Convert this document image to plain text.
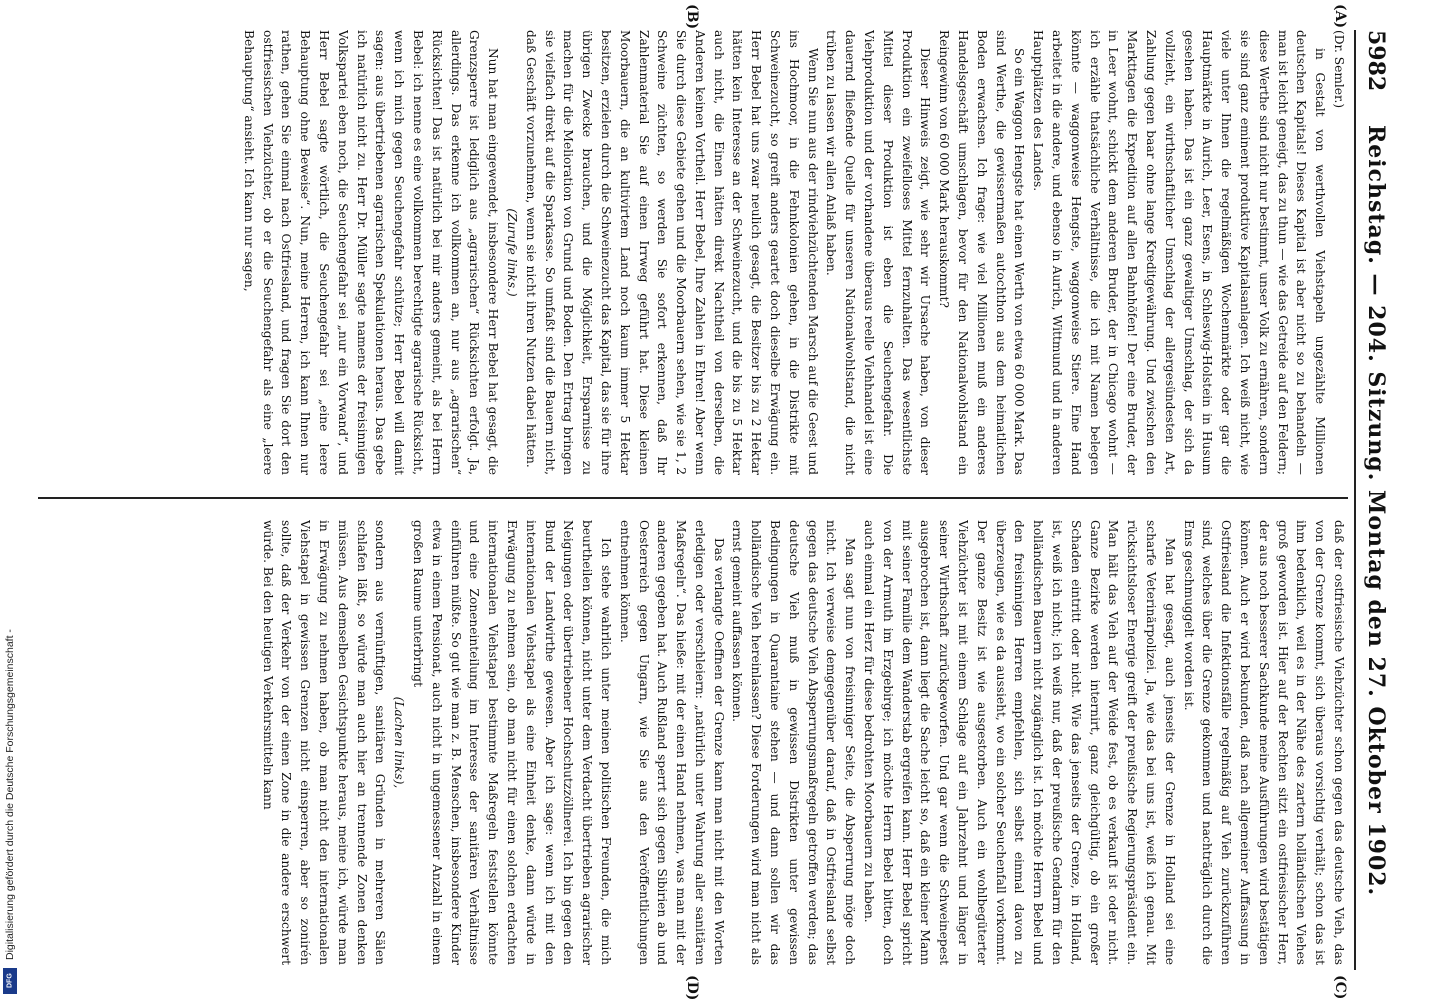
5982
Reichstag. — 204. Sitzung. Montag den 27. Oktober 1902.
(A)
(B)
(C)
(D)

(Dr. Semler.)

in Gestalt von werthvollen Viehstapeln ungezählte Millionen deutschen Kapitals! Dieses Kapital ist aber nicht so zu behandeln — man ist leicht geneigt, das zu thun — wie das Getreide auf den Feldern; diese Werthe sind nicht nur bestimmt, unser Volk zu ernähren, sondern sie sind ganz eminent produktive Kapitalsanlagen. Ich weiß nicht, wie viele unter Ihnen die regelmäßigen Wochenmärkte oder gar die Hauptmärkte in Aurich, Leer, Esens, in Schleswig-Holstein in Husum gesehen haben. Das ist ein ganz gewaltiger Umschlag, der sich da vollzieht, ein wirthschaftlicher Umschlag der allergesündesten Art, Zahlung gegen baar ohne lange Kreditgewährung. Und zwischen den Markttagen die Expedition auf allen Bahnhöfen! Der eine Bruder, der in Leer wohnt, schickt dem anderen Bruder, der in Chicago wohnt — ich erzähle thatsächliche Verhältnisse, die ich mit Namen belegen könnte — waggonweise Hengste, waggonweise Stiere. Eine Hand arbeitet in die andere, und ebenso in Aurich, Wittmund und in anderen Hauptplätzen des Landes.

So ein Waggon Hengste hat einen Werth von etwa 60 000 Mark. Das sind Werthe, die gewissermaßen autochthon aus dem heimatlichen Boden erwachsen. Ich frage: wie viel Millionen muß ein anderes Handelsgeschäft umschlagen, bevor für den Nationalwohlstand ein Reingewinn von 60 000 Mark herauskommt?

Dieser Hinweis zeigt, wie sehr wir Ursache haben, von dieser Produktion ein zweifelloses Mittel fernzuhalten. Das wesentlichste Mittel dieser Produktion ist eben die Seuchengefahr. Die Viehproduktion und der vorhandene überaus reelle Viehhandel ist eine dauernd fließende Quelle für unseren Nationalwohlstand, die nicht trüben zu lassen wir allen Anlaß haben.

Wenn Sie nun aus der rindviehzüchtenden Marsch auf die Geest und ins Hochmoor, in die Fehnkolonien gehen, in die Distrikte mit Schweinezucht, so greift anders geartet doch dieselbe Erwägung ein. Herr Bebel hat uns zwar neulich gesagt, die Besitzer bis zu 2 Hektar hätten kein Interesse an der Schweinezucht, und die bis zu 5 Hektar auch nicht, die Einen hätten direkt Nachtheil von derselben, die Anderen keinen Vortheil. Herr Bebel, Ihre Zahlen in Ehren! Aber wenn Sie durch diese Gebiete gehen und die Moorbauern sehen, wie sie 1, 2 Schweine züchten, so werden Sie sofort erkennen, daß Ihr Zahlenmaterial Sie auf einen Irrweg geführt hat. Diese kleinen Moorbauern, die an kultivirtem Land noch kaum immer 5 Hektar besitzen, erzielen durch die Schweinezucht das Kapital, das sie für ihre übrigen Zwecke brauchen, und die Möglichkeit, Ersparnisse zu machen für die Melioration von Grund und Boden. Den Ertrag bringen sie vielfach direkt auf die Sparkasse. So umfaßt sind die Bauern nicht, daß Geschäft vorzunehmen, wenn sie nicht ihren Nutzen dabei hätten.

(Zurufe links.)

Nun hat man eingewendet, insbesondere Herr Bebel hat gesagt, die Grenzsperre ist lediglich aus „agrarischen“ Rücksichten erfolgt. Ja, allerdings. Das erkenne ich vollkommen an, nur aus „agrarischen“ Rücksichten! Das ist natürlich bei mir anders gemeint, als bei Herrn Bebel: ich nenne es eine vollkommen berechtigte agrarische Rücksicht, wenn ich mich gegen Seuchengefahr schütze; Herr Bebel will damit sagen: aus übertriebenen agrarischen Spekulationen heraus. Das gebe ich natürlich nicht zu. Herr Dr. Müller sagte namens der freisinnigen Volkspartei eben noch, die Seuchengefahr sei „nur ein Vorwand“, und Herr Bebel sagte wörtlich, die Seuchengefahr sei „eine leere Behauptung ohne Beweise“. Nun, meine Herren, ich kann Ihnen nur rathen, gehen Sie einmal nach Ostfriesland, und fragen Sie dort den ostfriesischen Viehzüchter, ob er die Seuchengefahr als eine „leere Behauptung“ ansieht. Ich kann nur sagen,

daß der ostfriesische Viehzüchter schon gegen das deutsche Vieh, das von der Grenze kommt, sich überaus vorsichtig verhält; schon das ist ihm bedenklich, weil es in der Nähe des zartern holländischen Viehes groß geworden ist. Hier auf der Rechten sitzt ein ostfriesischer Herr, der aus noch besserer Sachkunde meine Ausführungen wird bestätigen können. Auch er wird bekunden, daß nach allgemeiner Auffassung in Ostfriesland die Infektionsfälle regelmäßig auf Vieh zurückzuführen sind, welches über die Grenze gekommen und nachträglich durch die Ems geschmuggelt worden ist.

Man hat gesagt, auch jenseits der Grenze in Holland sei eine scharfe Veterinärpolizei. Ja, wie das bei uns ist, weiß ich genau. Mit rücksichtsloser Energie greift der preußische Regierungspräsident ein. Man hält das Vieh auf der Weide fest, ob es verkauft ist oder nicht. Ganze Bezirke werden internirt, ganz gleichgültig, ob ein großer Schaden eintritt oder nicht. Wie das jenseits der Grenze, in Holland, ist, weiß ich nicht; ich weiß nur, daß der preußische Gendarm für den holländischen Bauern nicht zugänglich ist. Ich möchte Herrn Bebel und den freisinnigen Herren empfehlen, sich selbst einmal davon zu überzeugen, wie es da aussieht, wo ein solcher Seuchenfall vorkommt. Der ganze Besitz ist wie ausgestorben. Auch ein wohlbegüterter Viehzüchter ist mit einem Schlage auf ein Jahrzehnt und länger in seiner Wirthschaft zurückgeworfen. Und gar wenn die Schweinepest ausgebrochen ist, dann liegt die Sache leicht so, daß ein kleiner Mann mit seiner Familie dem Wanderstab ergreifen kann. Herr Bebel spricht von der Armuth im Erzgebirge; ich möchte Herrn Bebel bitten, doch auch einmal ein Herz für diese bedrohten Moorbauern zu haben.

Man sagt nun von freisinniger Seite, die Absperrung möge doch nicht. Ich verweise demgegenüber darauf, daß in Ostfriesland selbst gegen das deutsche Vieh Absperrungsmaßregeln getroffen werden; das deutsche Vieh muß in gewissen Distrikten unter gewissen Bedingungen in Quarantaine stehen — und dann sollen wir das holländische Vieh hereinlassen? Diese Forderungen wird man nicht als ernst gemeint auffassen können.

Das verlangte Oeffnen der Grenze kann man nicht mit den Worten erledigen oder verschleiern: „natürlich unter Wahrung aller sanitären Maßregeln“. Das hieße: mit der einen Hand nehmen, was man mit der anderen gegeben hat. Auch Rußland sperrt sich gegen Sibirien ab und Oesterreich gegen Ungarn, wie Sie aus den Veröffentlichungen entnehmen können.

Ich stehe wahrlich unter meinen politischen Freunden, die mich beurtheilen können, nicht unter dem Verdacht übertrieben agrarischer Neigungen oder übertriebener Hochschutzzöllnerei. Ich bin gegen den Bund der Landwirthe gewesen. Aber ich sage: wenn ich mit den internationalen Viehstapel als eine Einheit denke, dann würde in Erwägung zu nehmen sein, ob man nicht für einen solchen erdachten internationalen Viehstapel bestimmte Maßregeln feststellen könnte und eine Zoneneinteilung im Interesse der sanitären Verhältnisse einführen müßte. So gut wie man z. B. Menschen, insbesondere Kinder etwa in einem Pensionat, auch nicht in ungemessener Anzahl in einem großen Raume unterbringt

(Lachen links),

sondern aus vernünftigen, sanitären Gründen in mehreren Sälen schlafen läßt, so würde man auch hier an trennende Zonen denken müssen. Aus demselben Gesichtspunkte heraus, meine ich, würde man in Erwägung zu nehmen haben, ob man nicht den internationalen Viehstapel in gewissen Grenzen nicht einsperren, aber so zonirén sollte, daß der Verkehr von der einen Zone in die andere erschwert würde. Bei den heutigen Verkehrsmitteln kann

Digitalisierung gefördert durch die Deutsche Forschungsgemeinschaft -
DFG
